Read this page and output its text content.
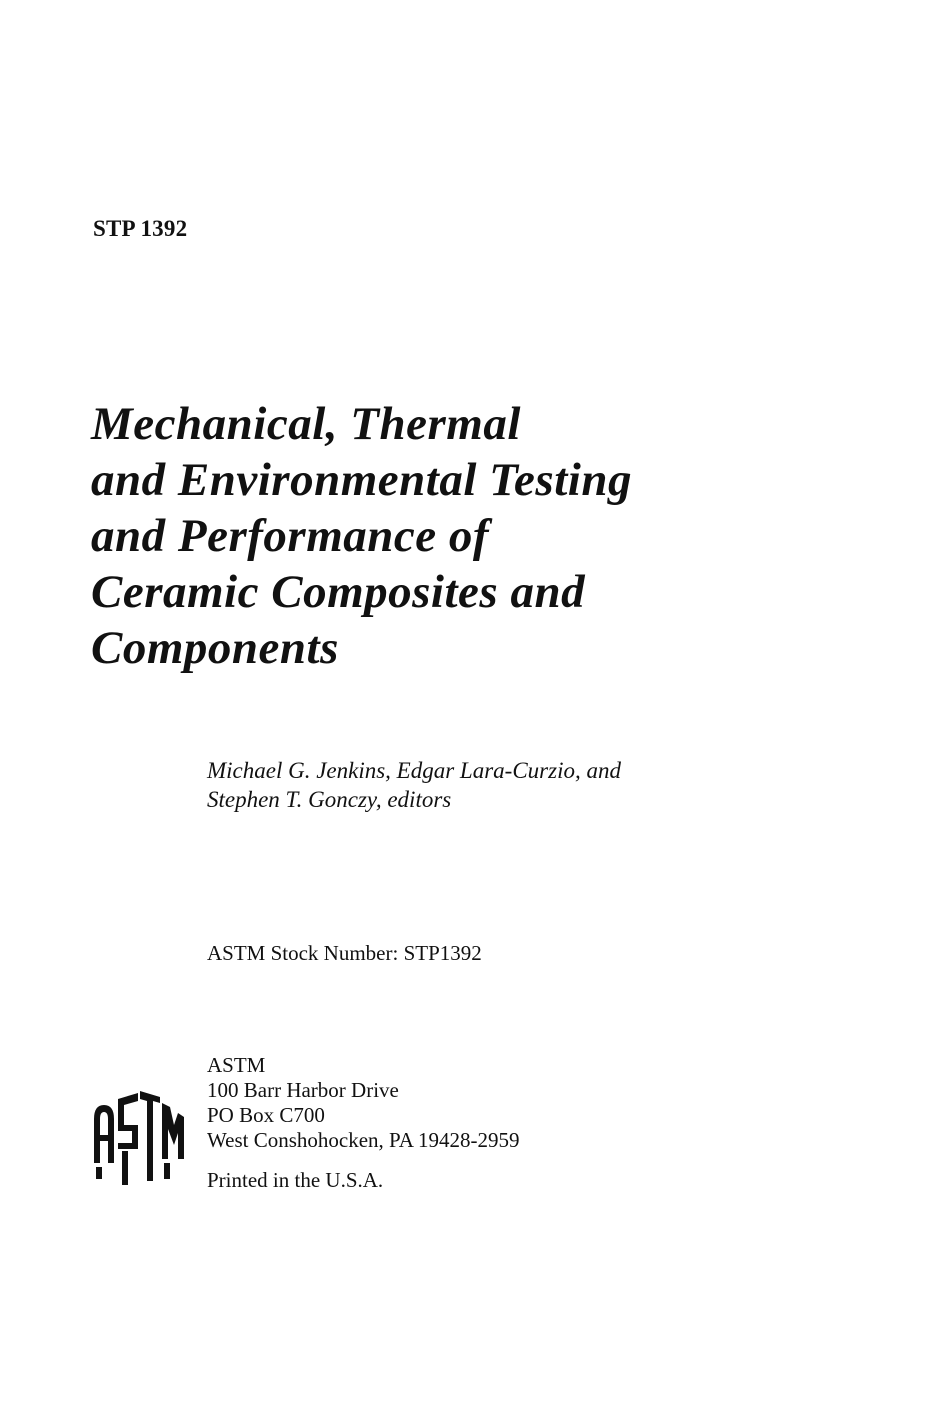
STP 1392
Mechanical, Thermal
and Environmental Testing
and Performance of
Ceramic Composites and
Components
Michael G. Jenkins, Edgar Lara-Curzio, and
Stephen T. Gonczy, editors
ASTM Stock Number: STP1392
ASTM
100 Barr Harbor Drive
PO Box C700
West Conshohocken, PA 19428-2959
Printed in the U.S.A.
